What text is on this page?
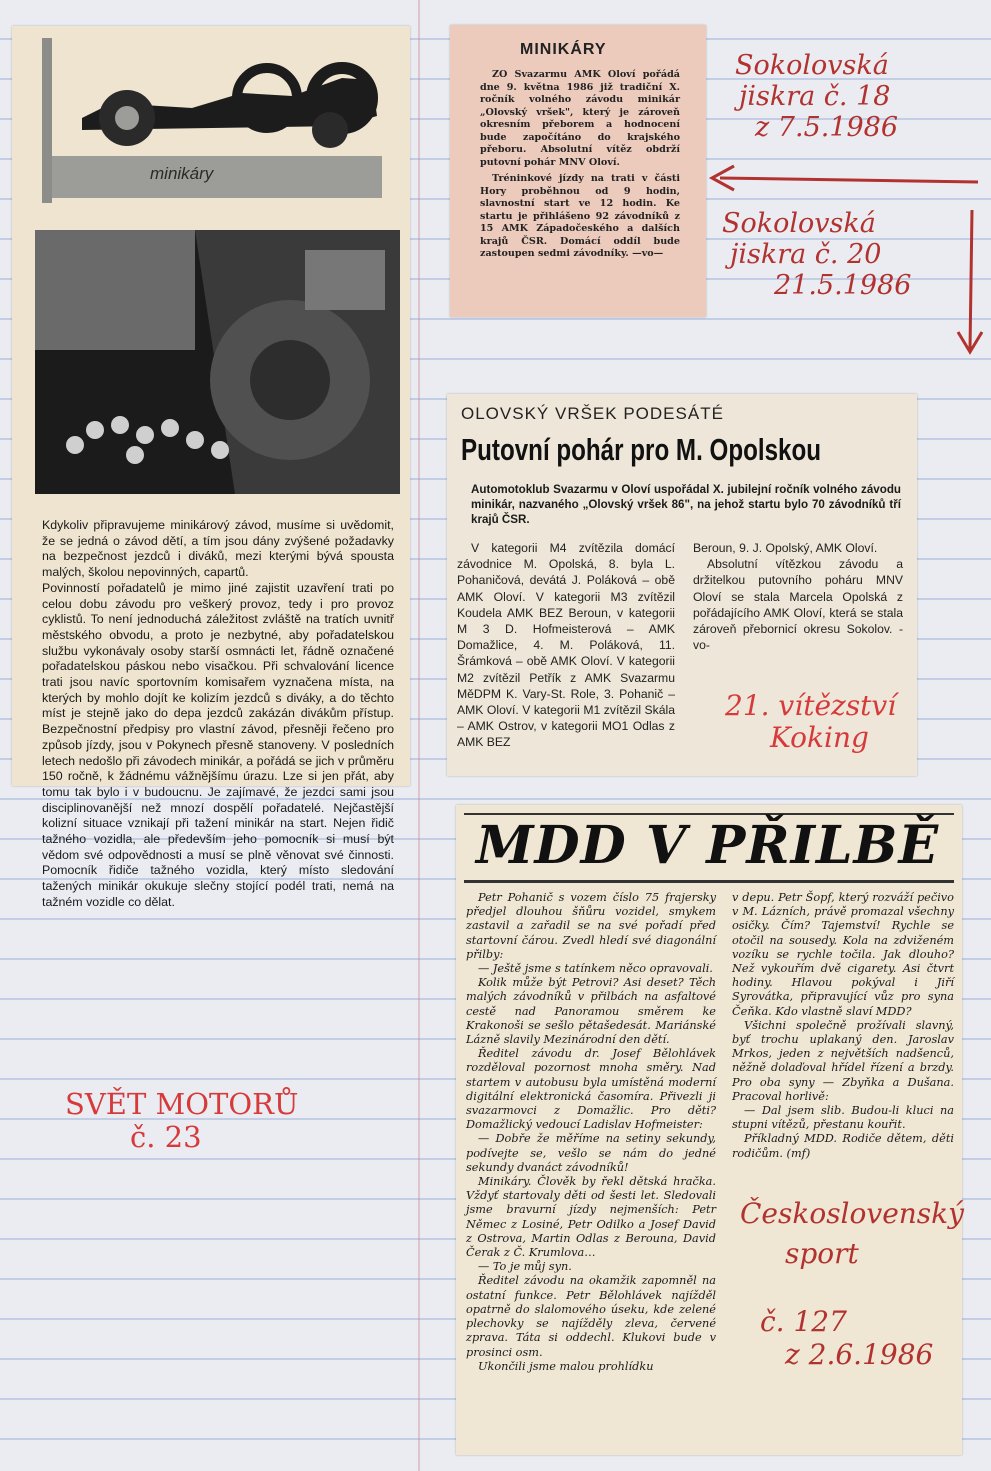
minikáry

Kdykoliv připravujeme minikárový závod, musíme si uvědomit, že se jedná o závod dětí, a tím jsou dány zvýšené požadavky na bezpečnost jezdců i diváků, mezi kterými bývá spousta malých, školou nepovinných, capartů.

Povinností pořadatelů je mimo jiné zajistit uzavření trati po celou dobu závodu pro veškerý provoz, tedy i pro provoz cyklistů. To není jednoduchá záležitost zvláště na tratích uvnitř městského obvodu, a proto je nezbytné, aby pořadatelskou službu vykonávaly osoby starší osmnácti let, řádně označené pořadatelskou páskou nebo visačkou. Při schvalování licence trati jsou navíc sportovním komisařem vyznačena místa, na kterých by mohlo dojít ke kolizím jezdců s diváky, a do těchto míst je stejně jako do depa jezdců zakázán divákům přístup. Bezpečnostní předpisy pro vlastní závod, přesněji řečeno pro způsob jízdy, jsou v Pokynech přesně stanoveny. V posledních letech nedošlo při závodech minikár, a pořádá se jich v průměru 150 ročně, k žádnému vážnějšímu úrazu. Lze si jen přát, aby tomu tak bylo i v budoucnu. Je zajímavé, že jezdci sami jsou disciplinovanější než mnozí dospělí pořadatelé. Nejčastější kolizní situace vznikají při tažení minikár na start. Nejen řidič tažného vozidla, ale především jeho pomocník si musí být vědom své odpovědnosti a musí se plně věnovat své činnosti. Pomocník řidiče tažného vozidla, který místo sledování tažených minikár okukuje slečny stojící podél trati, nemá na tažném vozidle co dělat.

MINIKÁRY

ZO Svazarmu AMK Oloví pořádá dne 9. května 1986 již tradiční X. ročník volného závodu minikár „Olovský vršek", který je zároveň okresním přeborem a hodnocení bude započítáno do krajského přeboru. Absolutní vítěz obdrží putovní pohár MNV Oloví.

Tréninkové jízdy na trati v části Hory proběhnou od 9 hodin, slavnostní start ve 12 hodin. Ke startu je přihlášeno 92 závodníků z 15 AMK Západočeského a dalších krajů ČSR. Domácí oddíl bude zastoupen sedmi závodníky. —vo—

OLOVSKÝ VRŠEK PODESÁTÉ
Putovní pohár pro M. Opolskou
Automotoklub Svazarmu v Oloví uspořádal X. jubilejní ročník volného závodu minikár, nazvaného „Olovský vršek 86", na jehož startu bylo 70 závodníků tří krajů ČSR.

V kategorii M4 zvítězila domácí závodnice M. Opolská, 8. byla L. Pohaničová, devátá J. Poláková – obě AMK Oloví. V kategorii M3 zvítězil Koudela AMK BEZ Beroun, v kategorii M 3 D. Hofmeisterová – AMK Domažlice, 4. M. Poláková, 11. Šrámková – obě AMK Oloví. V kategorii M2 zvítězil Petřík z AMK Svazarmu MěDPM K. Vary-St. Role, 3. Pohanič – AMK Oloví. V kategorii M1 zvítězil Skála – AMK Ostrov, v kategorii MO1 Odlas z AMK BEZ

Beroun, 9. J. Opolský, AMK Oloví.

Absolutní vítězkou závodu a držitelkou putovního poháru MNV Oloví se stala Marcela Opolská z pořádajícího AMK Oloví, která se stala zároveň přebornicí okresu Sokolov. -vo-

MDD V PŘILBĚ

Petr Pohanič s vozem číslo 75 frajersky předjel dlouhou šňůru vozidel, smykem zastavil a zařadil se na své pořadí před startovní čárou. Zvedl hledí své diagonální přilby:

— Ještě jsme s tatínkem něco opravovali.

Kolik může být Petrovi? Asi deset? Těch malých závodníků v přilbách na asfaltové cestě nad Panoramou směrem ke Krakonoši se sešlo pětašedesát. Mariánské Lázně slavily Mezinárodní den dětí.

Ředitel závodu dr. Josef Bělohlávek rozděloval pozornost mnoha směry. Nad startem v autobusu byla umístěná moderní digitální elektronická časomíra. Přivezli ji svazarmovci z Domažlic. Pro děti? Domažlický vedoucí Ladislav Hofmeister:

— Dobře že měříme na setiny sekundy, podívejte se, vešlo se nám do jedné sekundy dvanáct závodníků!

Minikáry. Člověk by řekl dětská hračka. Vždyť startovaly děti od šesti let. Sledovali jsme bravurní jízdy nejmenších: Petr Němec z Losiné, Petr Odilko a Josef David z Ostrova, Martin Odlas z Berouna, David Čerak z Č. Krumlova…

— To je můj syn.

Ředitel závodu na okamžik zapomněl na ostatní funkce. Petr Bělohlávek najížděl opatrně do slalomového úseku, kde zelené plechovky se najížděly zleva, červené zprava. Táta si oddechl. Klukovi bude v prosinci osm.

Ukončili jsme malou prohlídku

v depu. Petr Šopf, který rozváží pečivo v M. Lázních, právě promazal všechny osičky. Čím? Tajemství! Rychle se otočil na sousedy. Kola na zdviženém vozíku se rychle točila. Jak dlouho? Než vykouřím dvě cigarety. Asi čtvrt hodiny. Hlavou pokýval i Jiří Syrovátka, připravující vůz pro syna Čeňka. Kdo vlastně slaví MDD?

Všichni společně prožívali slavný, byť trochu uplakaný den. Jaroslav Mrkos, jeden z největších nadšenců, něžně dolaďoval hřídel řízení a brzdy. Pro oba syny — Zbyňka a Dušana. Pracoval horlivě:

— Dal jsem slib. Budou-li kluci na stupni vítězů, přestanu kouřit.

Příkladný MDD. Rodiče dětem, děti rodičům. (mf)

Sokolovská
jiskra č. 18
z 7.5.1986
Sokolovská
jiskra č. 20
21.5.1986
21. vítězství
Koking
SVĚT MOTORŮ
č. 23
Československý
sport
č. 127
z 2.6.1986
